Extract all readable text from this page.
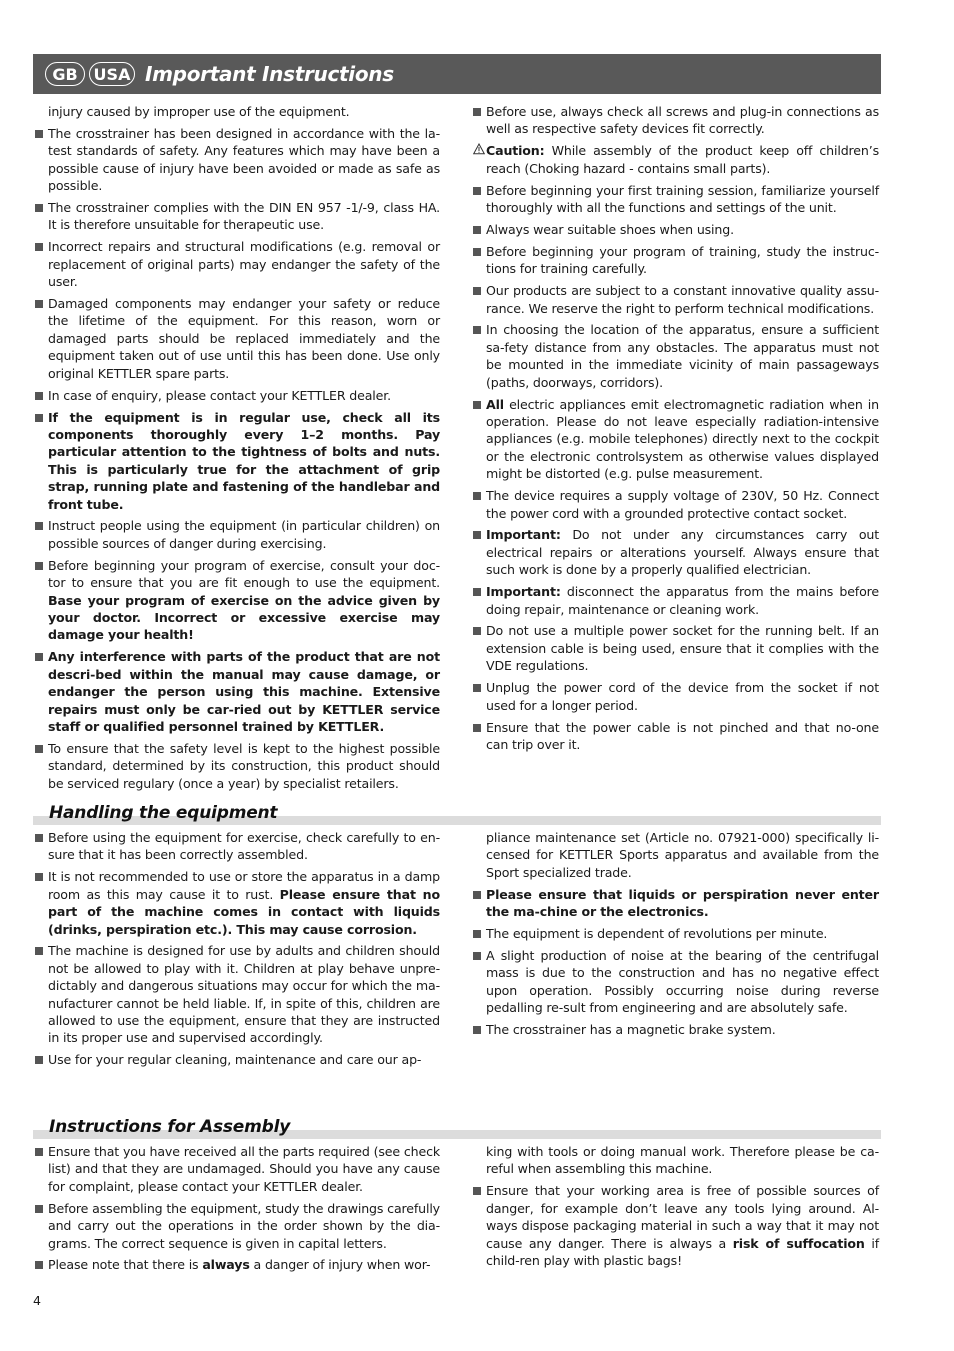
GB USA Important Instructions

injury caused by improper use of the equipment.

The crosstrainer has been designed in accordance with the la-test standards of safety. Any features which may have been a possible cause of injury have been avoided or made as safe as possible.

The crosstrainer complies with the DIN EN 957 -1/-9, class HA. It is therefore unsuitable for therapeutic use.

Incorrect repairs and structural modifications (e.g. removal or replacement of original parts) may endanger the safety of the user.

Damaged components may endanger your safety or reduce the lifetime of the equipment. For this reason, worn or damaged parts should be replaced immediately and the equipment taken out of use until this has been done. Use only original KETTLER spare parts.

In case of enquiry, please contact your KETTLER dealer.

If the equipment is in regular use, check all its components thoroughly every 1–2 months. Pay particular attention to the tightness of bolts and nuts. This is particularly true for the attachment of grip strap, running plate and fastening of the handlebar and front tube.

Instruct people using the equipment (in particular children) on possible sources of danger during exercising.

Before beginning your program of exercise, consult your doc-tor to ensure that you are fit enough to use the equipment. Base your program of exercise on the advice given by your doctor. Incorrect or excessive exercise may damage your health!

Any interference with parts of the product that are not descri-bed within the manual may cause damage, or endanger the person using this machine. Extensive repairs must only be car-ried out by KETTLER service staff or qualified personnel trained by KETTLER.

To ensure that the safety level is kept to the highest possible standard, determined by its construction, this product should be serviced regulary (once a year) by specialist retailers.

Before use, always check all screws and plug-in connections as well as respective safety devices fit correctly.

Caution: While assembly of the product keep off children’s reach (Choking hazard - contains small parts).

Before beginning your first training session, familiarize yourself thoroughly with all the functions and settings of the unit.

Always wear suitable shoes when using.

Before beginning your program of training, study the instruc-tions for training carefully.

Our products are subject to a constant innovative quality assu-rance. We reserve the right to perform technical modifications.

In choosing the location of the apparatus, ensure a sufficient sa-fety distance from any obstacles. The apparatus must not be mounted in the immediate vicinity of main passageways (paths, doorways, corridors).

All electric appliances emit electromagnetic radiation when in operation. Please do not leave especially radiation-intensive appliances (e.g. mobile telephones) directly next to the cockpit or the electronic controlsystem as otherwise values displayed might be distorted (e.g. pulse measurement.

The device requires a supply voltage of 230V, 50 Hz. Connect the power cord with a grounded protective contact socket.

Important: Do not under any circumstances carry out electrical repairs or alterations yourself. Always ensure that such work is done by a properly qualified electrician.

Important: disconnect the apparatus from the mains before doing repair, maintenance or cleaning work.

Do not use a multiple power socket for the running belt. If an extension cable is being used, ensure that it complies with the VDE regulations.

Unplug the power cord of the device from the socket if not used for a longer period.

Ensure that the power cable is not pinched and that no-one can trip over it.

Handling the equipment

Before using the equipment for exercise, check carefully to en-sure that it has been correctly assembled.

It is not recommended to use or store the apparatus in a damp room as this may cause it to rust. Please ensure that no part of the machine comes in contact with liquids (drinks, perspiration etc.). This may cause corrosion.

The machine is designed for use by adults and children should not be allowed to play with it. Children at play behave unpre-dictably and dangerous situations may occur for which the ma-nufacturer cannot be held liable. If, in spite of this, children are allowed to use the equipment, ensure that they are instructed in its proper use and supervised accordingly.

Use for your regular cleaning, maintenance and care our ap-

pliance maintenance set (Article no. 07921-000) specifically li-censed for KETTLER Sports apparatus and available from the Sport specialized trade.

Please ensure that liquids or perspiration never enter the ma-chine or the electronics.

The equipment is dependent of revolutions per minute.

A slight production of noise at the bearing of the centrifugal mass is due to the construction and has no negative effect upon operation. Possibly occurring noise during reverse pedalling re-sult from engineering and are absolutely safe.

The crosstrainer has a magnetic brake system.

Instructions for Assembly

Ensure that you have received all the parts required (see check list) and that they are undamaged. Should you have any cause for complaint, please contact your KETTLER dealer.

Before assembling the equipment, study the drawings carefully and carry out the operations in the order shown by the dia-grams. The correct sequence is given in capital letters.

Please note that there is always a danger of injury when wor-

king with tools or doing manual work. Therefore please be ca-reful when assembling this machine.

Ensure that your working area is free of possible sources of danger, for example don’t leave any tools lying around. Al-ways dispose packaging material in such a way that it may not cause any danger. There is always a risk of suffocation if child-ren play with plastic bags!

4
